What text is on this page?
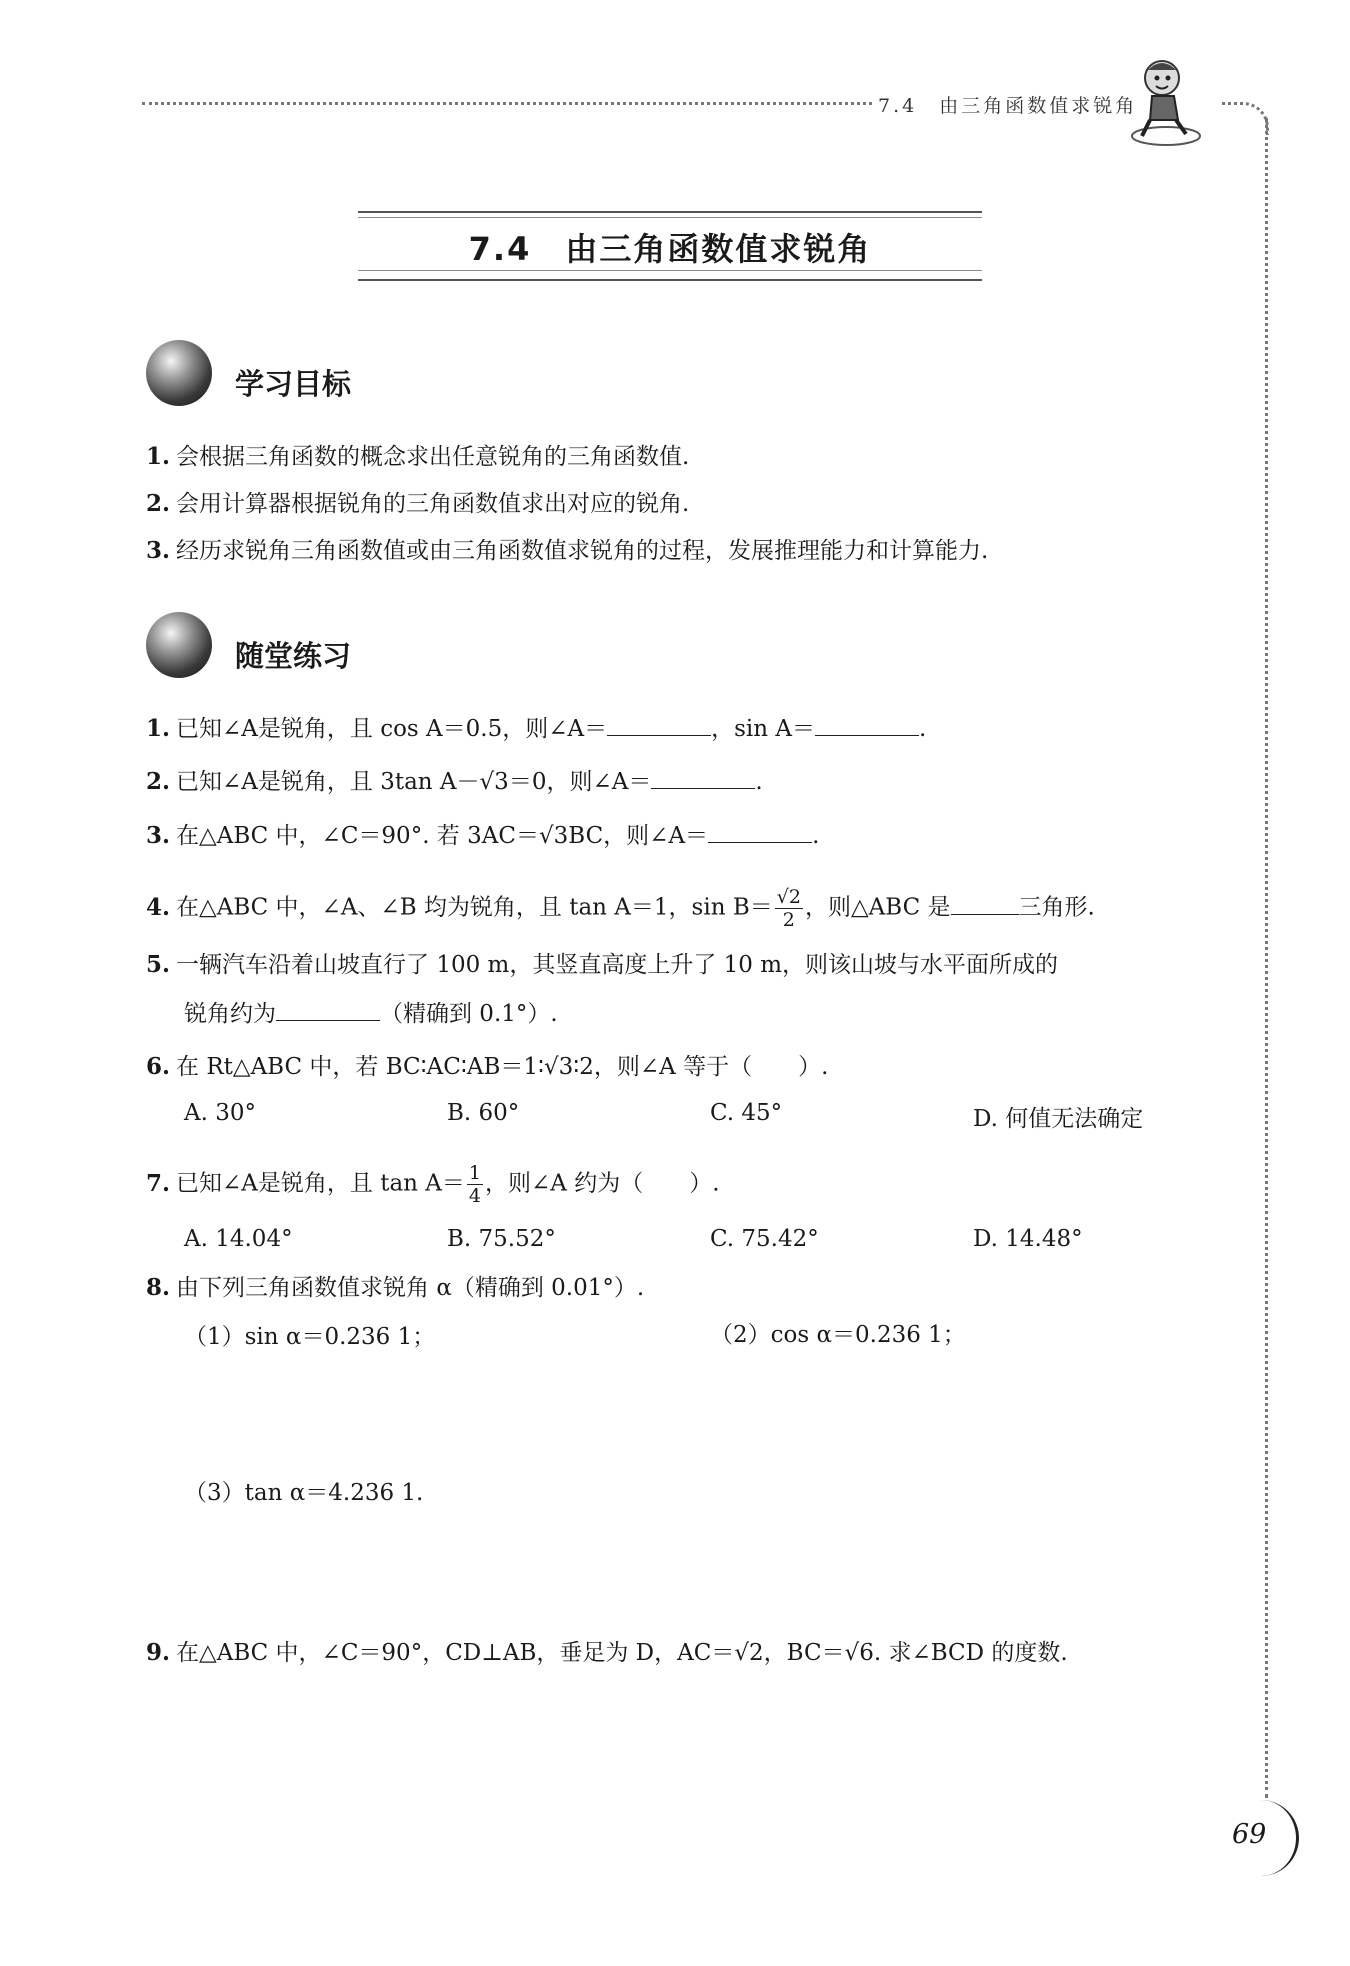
7.4　由三角函数值求锐角
7.4　由三角函数值求锐角
学习目标
1. 会根据三角函数的概念求出任意锐角的三角函数值.
2. 会用计算器根据锐角的三角函数值求出对应的锐角.
3. 经历求锐角三角函数值或由三角函数值求锐角的过程，发展推理能力和计算能力.
随堂练习
1. 已知∠A是锐角，且 cos A＝0.5，则∠A＝	，sin A＝	.
2. 已知∠A是锐角，且 3tan A－√3＝0，则∠A＝	.
3. 在△ABC 中，∠C＝90°. 若 3AC＝√3BC，则∠A＝	.
4. 在△ABC 中，∠A、∠B 均为锐角，且 tan A＝1，$\sin B= \frac{√2}{2}$ ，则△ABC 是	三角形.
5. 一辆汽车沿着山坡直行了 100 m，其竖直高度上升了 10 m，则该山坡与水平面所成的
锐角约为	（精确到 0.1°）.
6. 在 Rt△ABC 中，若 BC∶AC∶AB＝1∶√3∶2，则∠A 等于（　　）.
A. 30°	B. 60°	C. 45°	D. 何值无法确定
7. 已知∠A是锐角，且 $\tan A= \frac{1}{4}$ ，则∠A 约为（　　）.
A. 14.04°	B. 75.52°	C. 75.42°	D. 14.48°
8. 由下列三角函数值求锐角 α（精确到 0.01°）.
（1）sin α＝0.236 1；	（2）cos α＝0.236 1；
（3）tan α＝4.236 1.
9. 在△ABC 中，∠C＝90°，CD⊥AB，垂足为 D，AC＝√2，BC＝√6. 求∠BCD 的度数.
69
